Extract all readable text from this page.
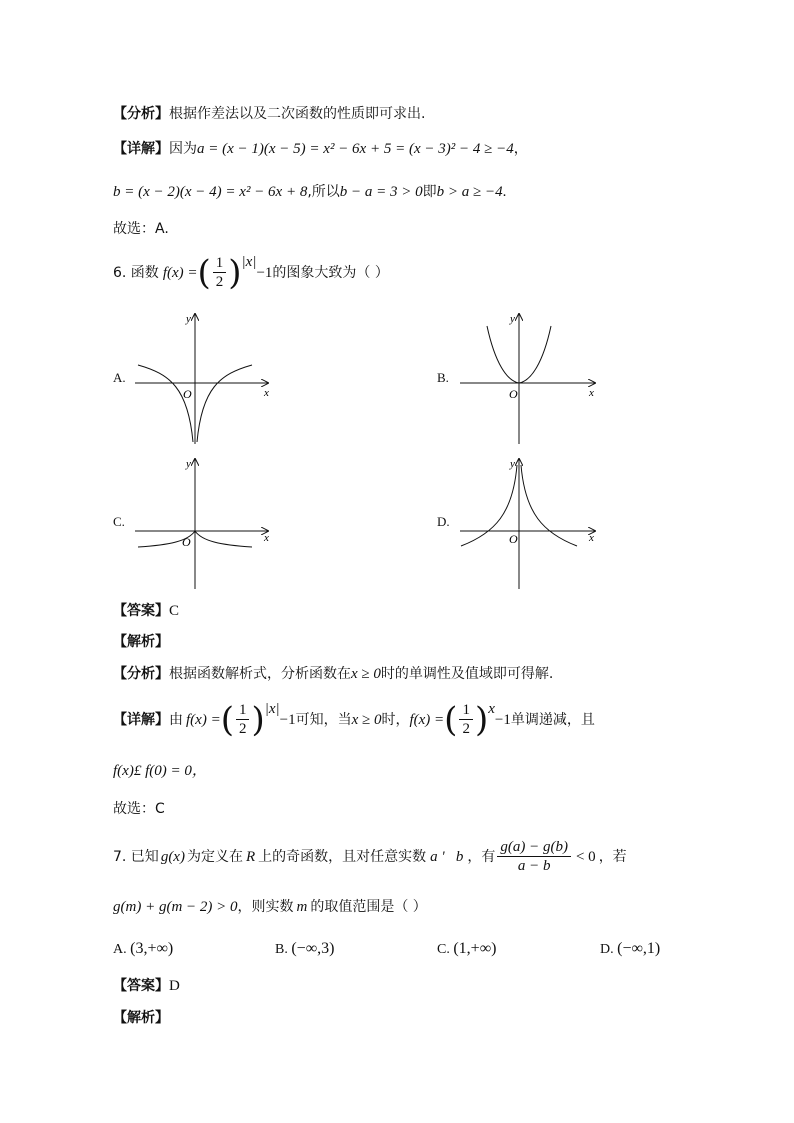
【分析】根据作差法以及二次函数的性质即可求出.
【详解】因为a = (x − 1)(x − 5) = x² − 6x + 5 = (x − 3)² − 4 ≥ −4，
b = (x − 2)(x − 4) = x² − 6x + 8,所以b − a = 3 > 0即b > a ≥ −4.
故选：A.
6. 函数 f(x) = ( $\frac{1}{2}$ ) |x|
−1 的图象大致为（ ）
A.
x
y
O
B.
x
y
O
C.
x
y
O
D.
x
y
O
【答案】C
【解析】
【分析】根据函数解析式，分析函数在x ≥ 0时的单调性及值域即可得解.
【详解】 由 f(x) = ( $\frac{1}{2}$ ) |x|
−1 可知，当 x ≥ 0 时， f(x) = ( $\frac{1}{2}$ ) x
−1 单调递减，且
f(x)£ f(0) = 0，
故选：C
7. 已知 g(x) 为定义在 R 上的奇函数，且对任意实数 a '   b ，有 $\frac{g(a) - g(b)}{a - b} < 0$ ，若
g(m) + g(m − 2) > 0，则实数 m 的取值范围是（ ）
A. (3,+∞)	B. (−∞,3)	C. (1,+∞)	D. (−∞,1)
【答案】D
【解析】
